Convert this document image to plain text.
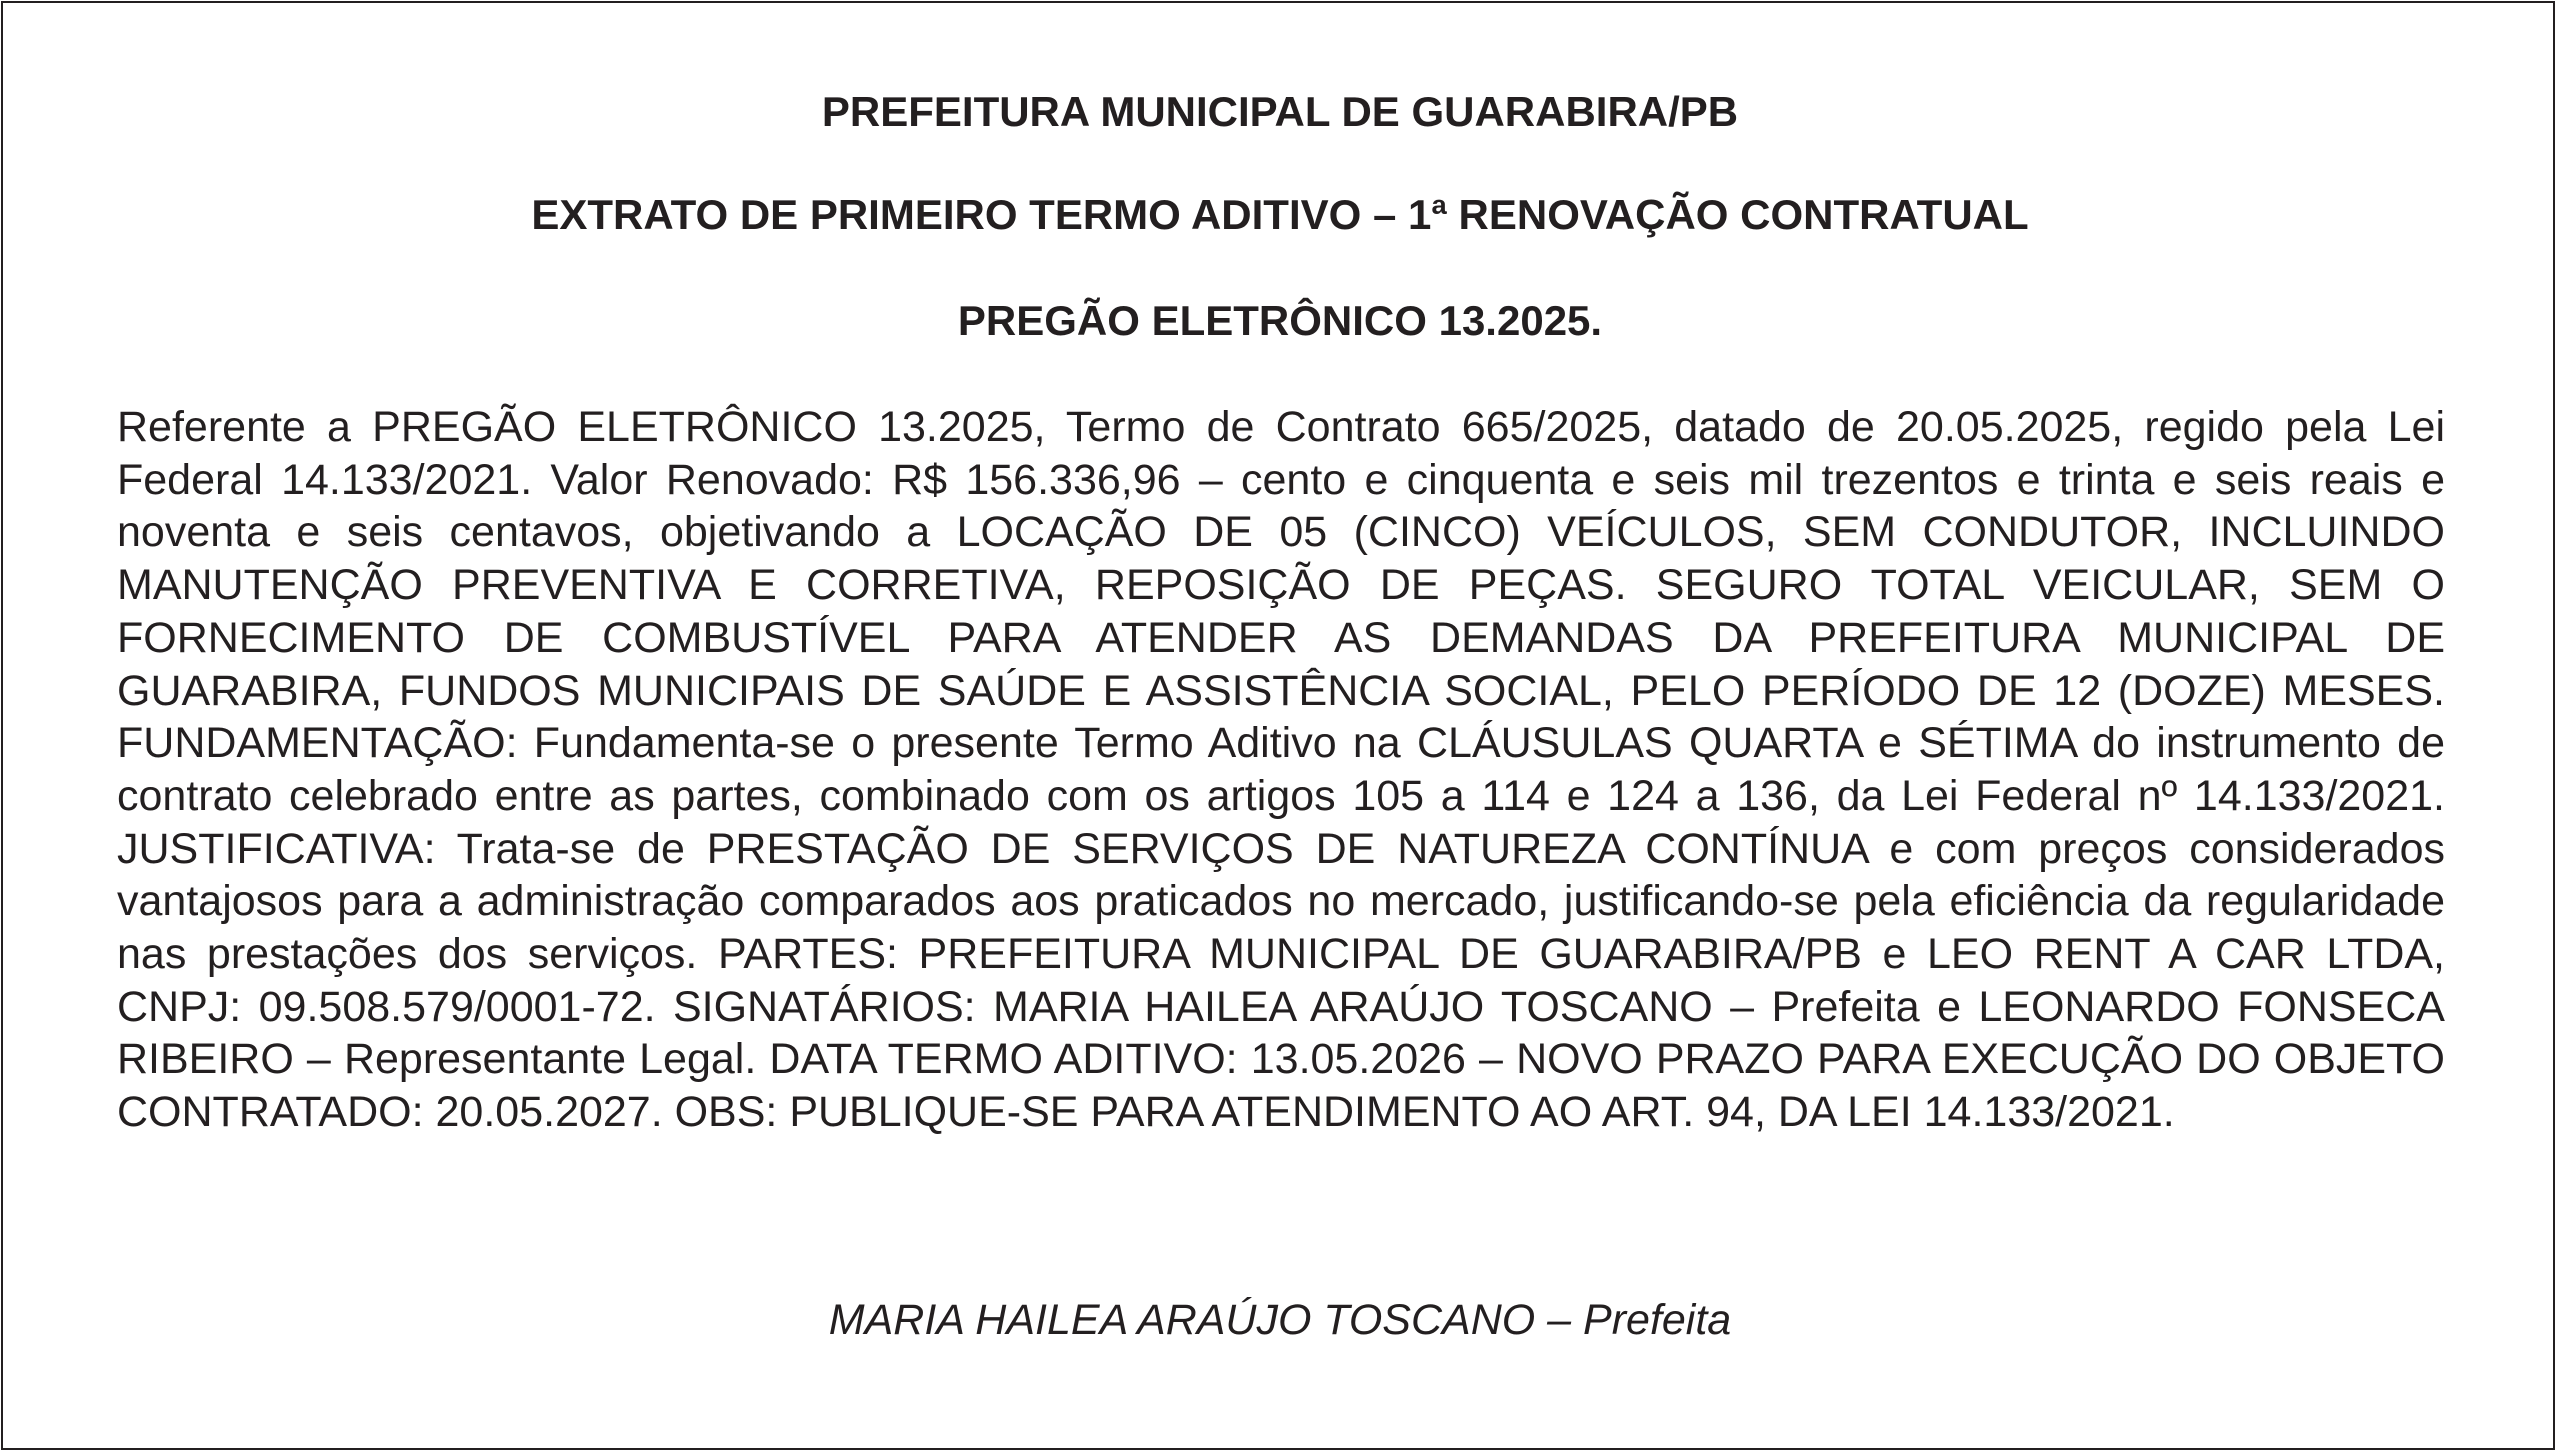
PREFEITURA MUNICIPAL DE GUARABIRA/PB
EXTRATO DE PRIMEIRO TERMO ADITIVO – 1ª RENOVAÇÃO CONTRATUAL
PREGÃO ELETRÔNICO 13.2025.

Referente a PREGÃO ELETRÔNICO 13.2025, Termo de Contrato 665/2025, datado de 20.05.2025, regido pela Lei Federal 14.133/2021. Valor Renovado: R$ 156.336,96 – cento e cinquenta e seis mil trezentos e trinta e seis reais e noventa e seis centavos, objetivando a LOCAÇÃO DE 05 (CINCO) VEÍCULOS, SEM CONDUTOR, INCLUINDO MANUTENÇÃO PREVENTIVA E CORRETIVA, REPOSIÇÃO DE PEÇAS. SEGURO TOTAL VEICULAR, SEM O FORNECIMENTO DE COMBUSTÍVEL PARA ATENDER AS DEMANDAS DA PREFEITURA MUNICIPAL DE GUARABIRA, FUNDOS MUNICIPAIS DE SAÚDE E ASSISTÊNCIA SOCIAL, PELO PERÍODO DE 12 (DOZE) MESES. FUNDAMENTAÇÃO: Fundamenta-se o presente Termo Aditivo na CLÁUSULAS QUARTA e SÉTIMA do instrumento de contrato celebrado entre as partes, combinado com os artigos 105 a 114 e 124 a 136, da Lei Federal nº 14.133/2021. JUSTIFICATIVA: Trata-se de PRESTAÇÃO DE SERVIÇOS DE NATUREZA CONTÍNUA e com preços considerados vantajosos para a administração comparados aos praticados no mercado, justificando-se pela eficiência da regularidade nas prestações dos serviços. PARTES: PREFEITURA MUNICIPAL DE GUARABIRA/PB e LEO RENT A CAR LTDA, CNPJ: 09.508.579/0001-72. SIGNATÁRIOS: MARIA HAILEA ARAÚJO TOSCANO – Prefeita e LEONARDO FONSECA RIBEIRO – Representante Legal. DATA TERMO ADITIVO: 13.05.2026 – NOVO PRAZO PARA EXECUÇÃO DO OBJETO CONTRATADO: 20.05.2027. OBS: PUBLIQUE-SE PARA ATENDIMENTO AO ART. 94, DA LEI 14.133/2021.

MARIA HAILEA ARAÚJO TOSCANO – Prefeita
